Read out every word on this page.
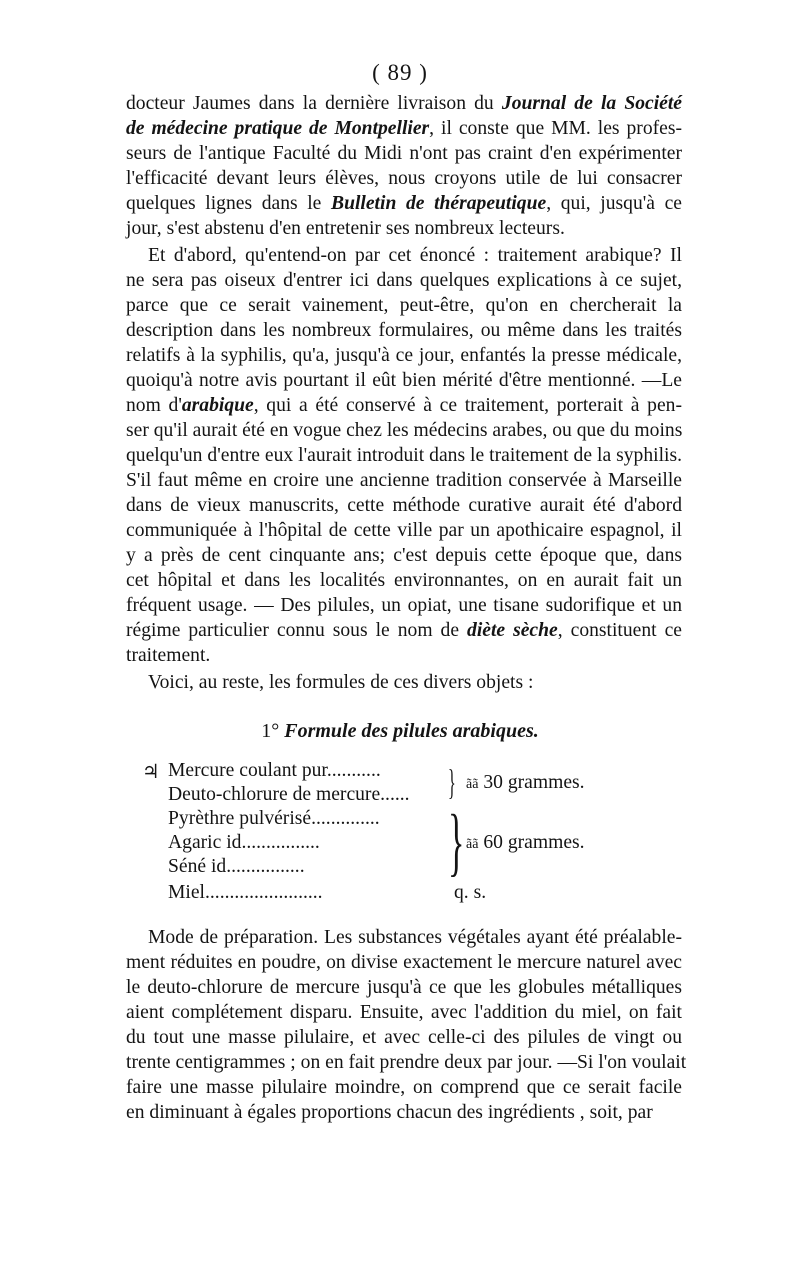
( 89 )
docteur Jaumes dans la dernière livraison du Journal de la Société
de médecine pratique de Montpellier, il conste que MM. les profes-
seurs de l'antique Faculté du Midi n'ont pas craint d'en expérimenter
l'efficacité devant leurs élèves, nous croyons utile de lui consacrer
quelques lignes dans le Bulletin de thérapeutique, qui, jusqu'à ce
jour, s'est abstenu d'en entretenir ses nombreux lecteurs.
Et d'abord, qu'entend-on par cet énoncé : traitement arabique? Il
ne sera pas oiseux d'entrer ici dans quelques explications à ce sujet,
parce que ce serait vainement, peut-être, qu'on en chercherait la
description dans les nombreux formulaires, ou même dans les traités
relatifs à la syphilis, qu'a, jusqu'à ce jour, enfantés la presse médicale,
quoiqu'à notre avis pourtant il eût bien mérité d'être mentionné. —Le
nom d'arabique, qui a été conservé à ce traitement, porterait à pen-
ser qu'il aurait été en vogue chez les médecins arabes, ou que du moins
quelqu'un d'entre eux l'aurait introduit dans le traitement de la syphilis.
S'il faut même en croire une ancienne tradition conservée à Marseille
dans de vieux manuscrits, cette méthode curative aurait été d'abord
communiquée à l'hôpital de cette ville par un apothicaire espagnol, il
y a près de cent cinquante ans; c'est depuis cette époque que, dans
cet hôpital et dans les localités environnantes, on en aurait fait un
fréquent usage. — Des pilules, un opiat, une tisane sudorifique et un
régime particulier connu sous le nom de diète sèche, constituent ce
traitement.
Voici, au reste, les formules de ces divers objets :
1° Formule des pilules arabiques.
♃ Mercure coulant pur...........
Deuto-chlorure de mercure...... } ãã 30 grammes.
Pyrèthre pulvérisé..............
Agaric id................
Séné id................ } ãã 60 grammes.
Miel........................	q. s.
Mode de préparation. Les substances végétales ayant été préalable-
ment réduites en poudre, on divise exactement le mercure naturel avec
le deuto-chlorure de mercure jusqu'à ce que les globules métalliques
aient complétement disparu. Ensuite, avec l'addition du miel, on fait
du tout une masse pilulaire, et avec celle-ci des pilules de vingt ou
trente centigrammes ; on en fait prendre deux par jour. —Si l'on voulait
faire une masse pilulaire moindre, on comprend que ce serait facile
en diminuant à égales proportions chacun des ingrédients , soit, par
